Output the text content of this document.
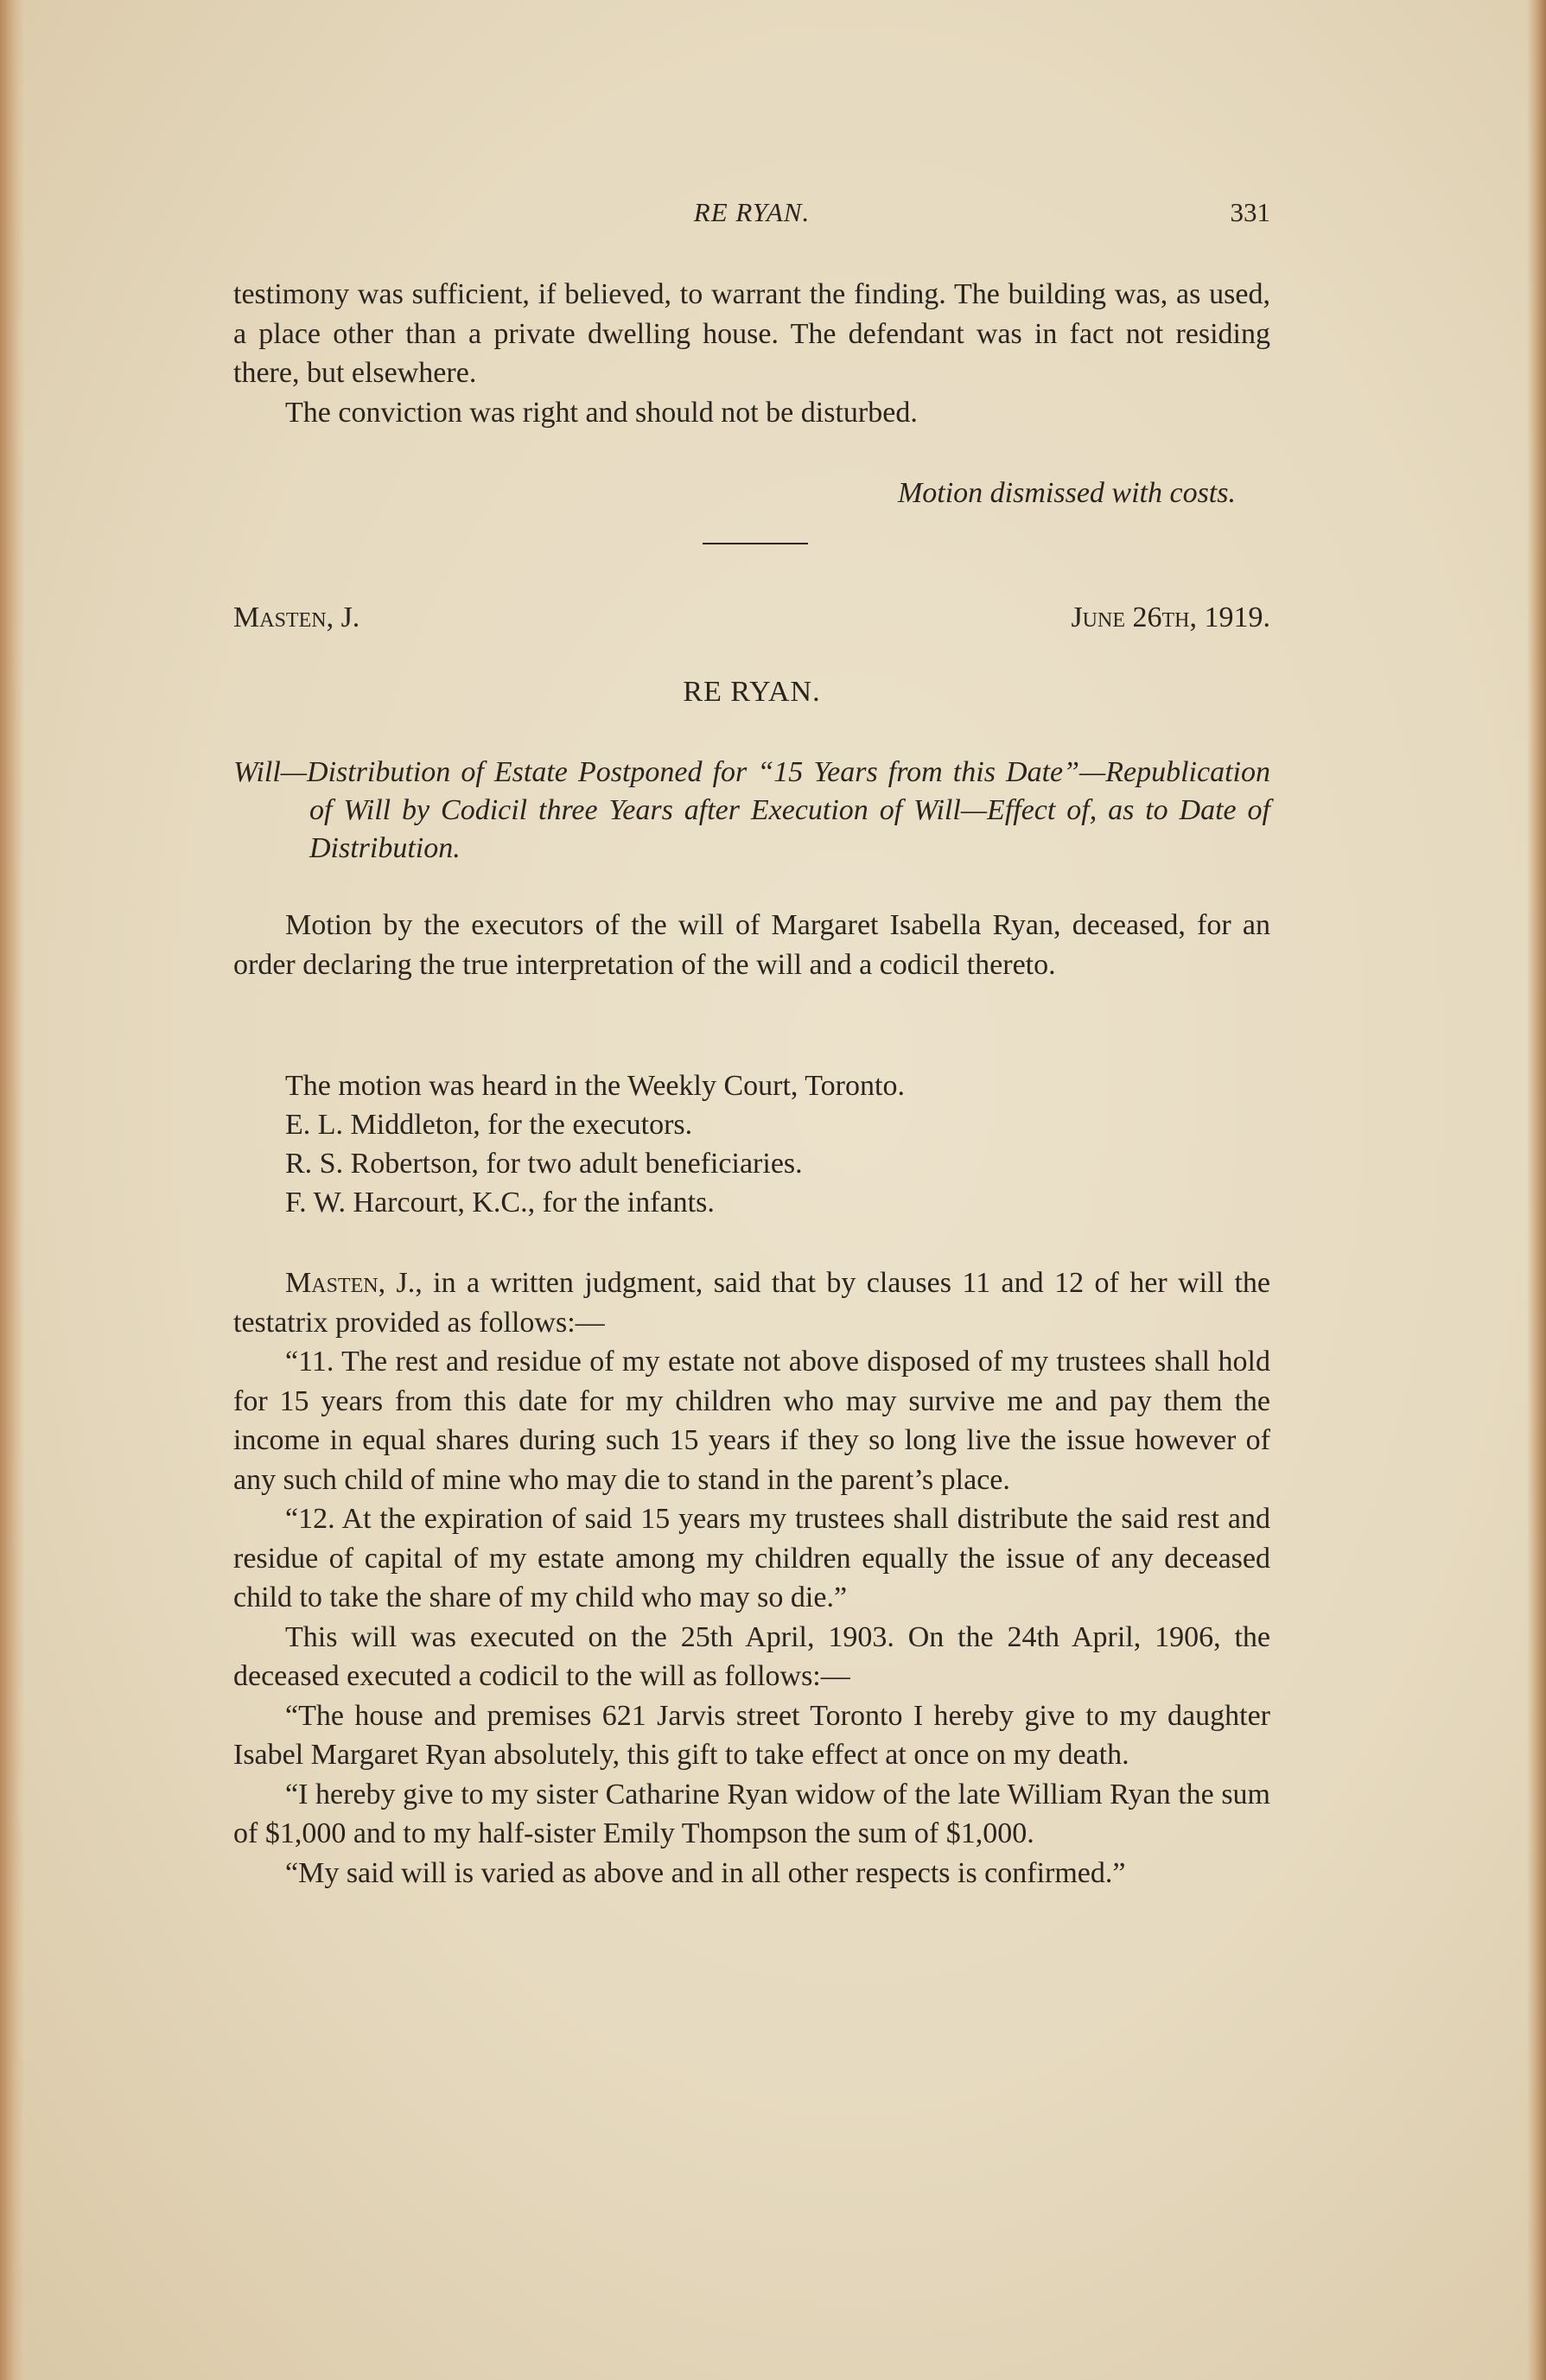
RE RYAN.	331

testimony was sufficient, if believed, to warrant the finding. The building was, as used, a place other than a private dwelling house. The defendant was in fact not residing there, but elsewhere.

The conviction was right and should not be disturbed.

Motion dismissed with costs.

Masten, J.	June 26th, 1919.

RE RYAN.

Will—Distribution of Estate Postponed for “15 Years from this Date”—Republication of Will by Codicil three Years after Execution of Will—Effect of, as to Date of Distribution.

Motion by the executors of the will of Margaret Isabella Ryan, deceased, for an order declaring the true interpretation of the will and a codicil thereto.

The motion was heard in the Weekly Court, Toronto.

E. L. Middleton, for the executors.

R. S. Robertson, for two adult beneficiaries.

F. W. Harcourt, K.C., for the infants.

Masten, J., in a written judgment, said that by clauses 11 and 12 of her will the testatrix provided as follows:—

“11. The rest and residue of my estate not above disposed of my trustees shall hold for 15 years from this date for my children who may survive me and pay them the income in equal shares during such 15 years if they so long live the issue however of any such child of mine who may die to stand in the parent’s place.

“12. At the expiration of said 15 years my trustees shall distribute the said rest and residue of capital of my estate among my children equally the issue of any deceased child to take the share of my child who may so die.”

This will was executed on the 25th April, 1903. On the 24th April, 1906, the deceased executed a codicil to the will as follows:—

“The house and premises 621 Jarvis street Toronto I hereby give to my daughter Isabel Margaret Ryan absolutely, this gift to take effect at once on my death.

“I hereby give to my sister Catharine Ryan widow of the late William Ryan the sum of $1,000 and to my half-sister Emily Thompson the sum of $1,000.

“My said will is varied as above and in all other respects is confirmed.”
